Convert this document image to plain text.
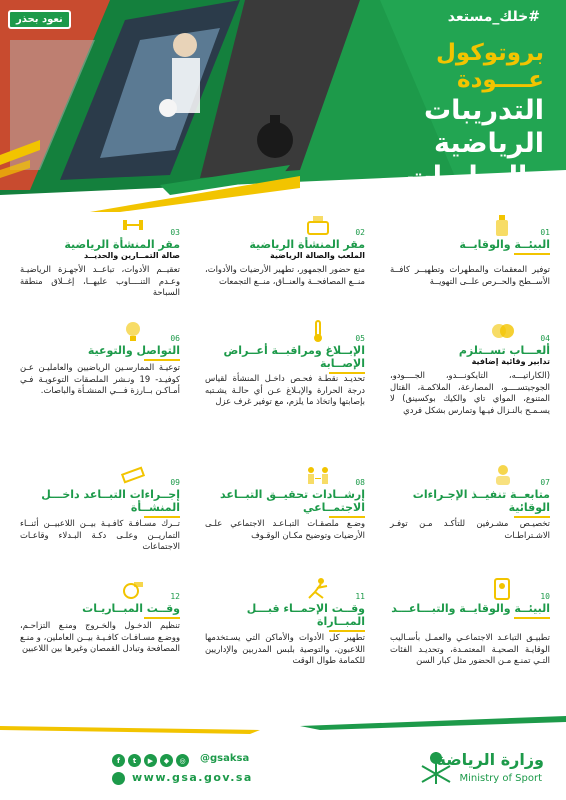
نعود بحذر	#خلك_مستعد
بروتوكول
عــــودة
التدريبات
الرياضية
والمباريات
01
البيئــة والوقايــة
توفير المعقمات والمطهرات وتطهيــر كافــة الأســطح والحــرص علــى التهويــة
02
مقر المنشأة الرياضية
الملعب والصالة الرياضية
منع حضور الجمهور، تطهير الأرضيات والأدوات، منــع المصافحــة والعنــاق، منــع التجمعات
03
مقر المنشأة الرياضية
صالة التمــارين والحديــد
تعقيــم الأدوات، تباعــد الأجهـزة الرياضيـة وعـدم التنــــاوب عليهــا، إغــلاق منطقة السباحة
04
ألعـــاب تســتلزم
تدابير وقائية إضافية
(الكاراتيـــه، التايكونـــدو، الجــــودو، الجوجيتســــو، المصارعة، الملاكمـة، القتال المتنوع، المواي تاي والكيك بوكسينق) لا يسـمـح بالنـزال فيـها وتمارس بشكل فردي
05
الإبــلاغ ومراقبــة أعــراض الإصــابة
تحديـد نقطـة فحـص داخـل المنشأة لقياس درجة الحرارة والإبـلاغ عـن أي حالـة يشـتبه بإصابتها واتخاذ ما يلزم، مع توفير غرف عزل
06
التواصل والتوعية
توعيـة الممارسـين الرياضيين والعامليـن عـن كوفيـد- 19 ونـشر الملصقات التوعويـة فـي أمـاكـن بــارزة فـــي المنشـأة والباصات.
07
متابعــة تنفيــذ الإجـراءات الوقائية
تخصيـص مشـرفين للتأكـد مـن توفـر الاشـتراطـات
08
إرشــادات تحقيــق التبــاعد الاجتمــاعي
وضـع ملصقـات التبـاعـد الاجتماعي علـى الأرضيات وتوضيح مكـان الوقـوف
09
إجــراءات التبــاعد داخـــل المنشــأة
تــرك مسـافـة كافـيـة بيــن اللاعبيــن أثنــاء التماريــن وعلـى دكـة البـدلاء وقاعـات الاجتماعات
10
البيئــة والوقايــة والتبـــاعـــد
تطبيـق التباعـد الاجتماعـي والعمـل بأسـاليب الوقايـة الصحيـة المعتمـدة، وتحديـد الفئات التـي تمنـع مـن الحضور مثل كبار السن
11
وقــت الإحمــاء قبـــل المبــاراة
تطهير كل الأدوات والأماكن التي يسـتخدمها اللاعبون، والتوصية بلبس المدربين والإداريين للكمامة طوال الوقت
12
وقــت المبــاريـات
تنظيم الدخـول والخـروج ومنـع التزاحـم، ووضـع مسـافـات كافـيـة بيــن العاملين، و منـع المصافحة وتبادل القمصان وغيرها بين اللاعبين
f	t	▶	◆	◎	@gsaksa
www.gsa.gov.sa
وزارة الرياضة
Ministry of Sport
